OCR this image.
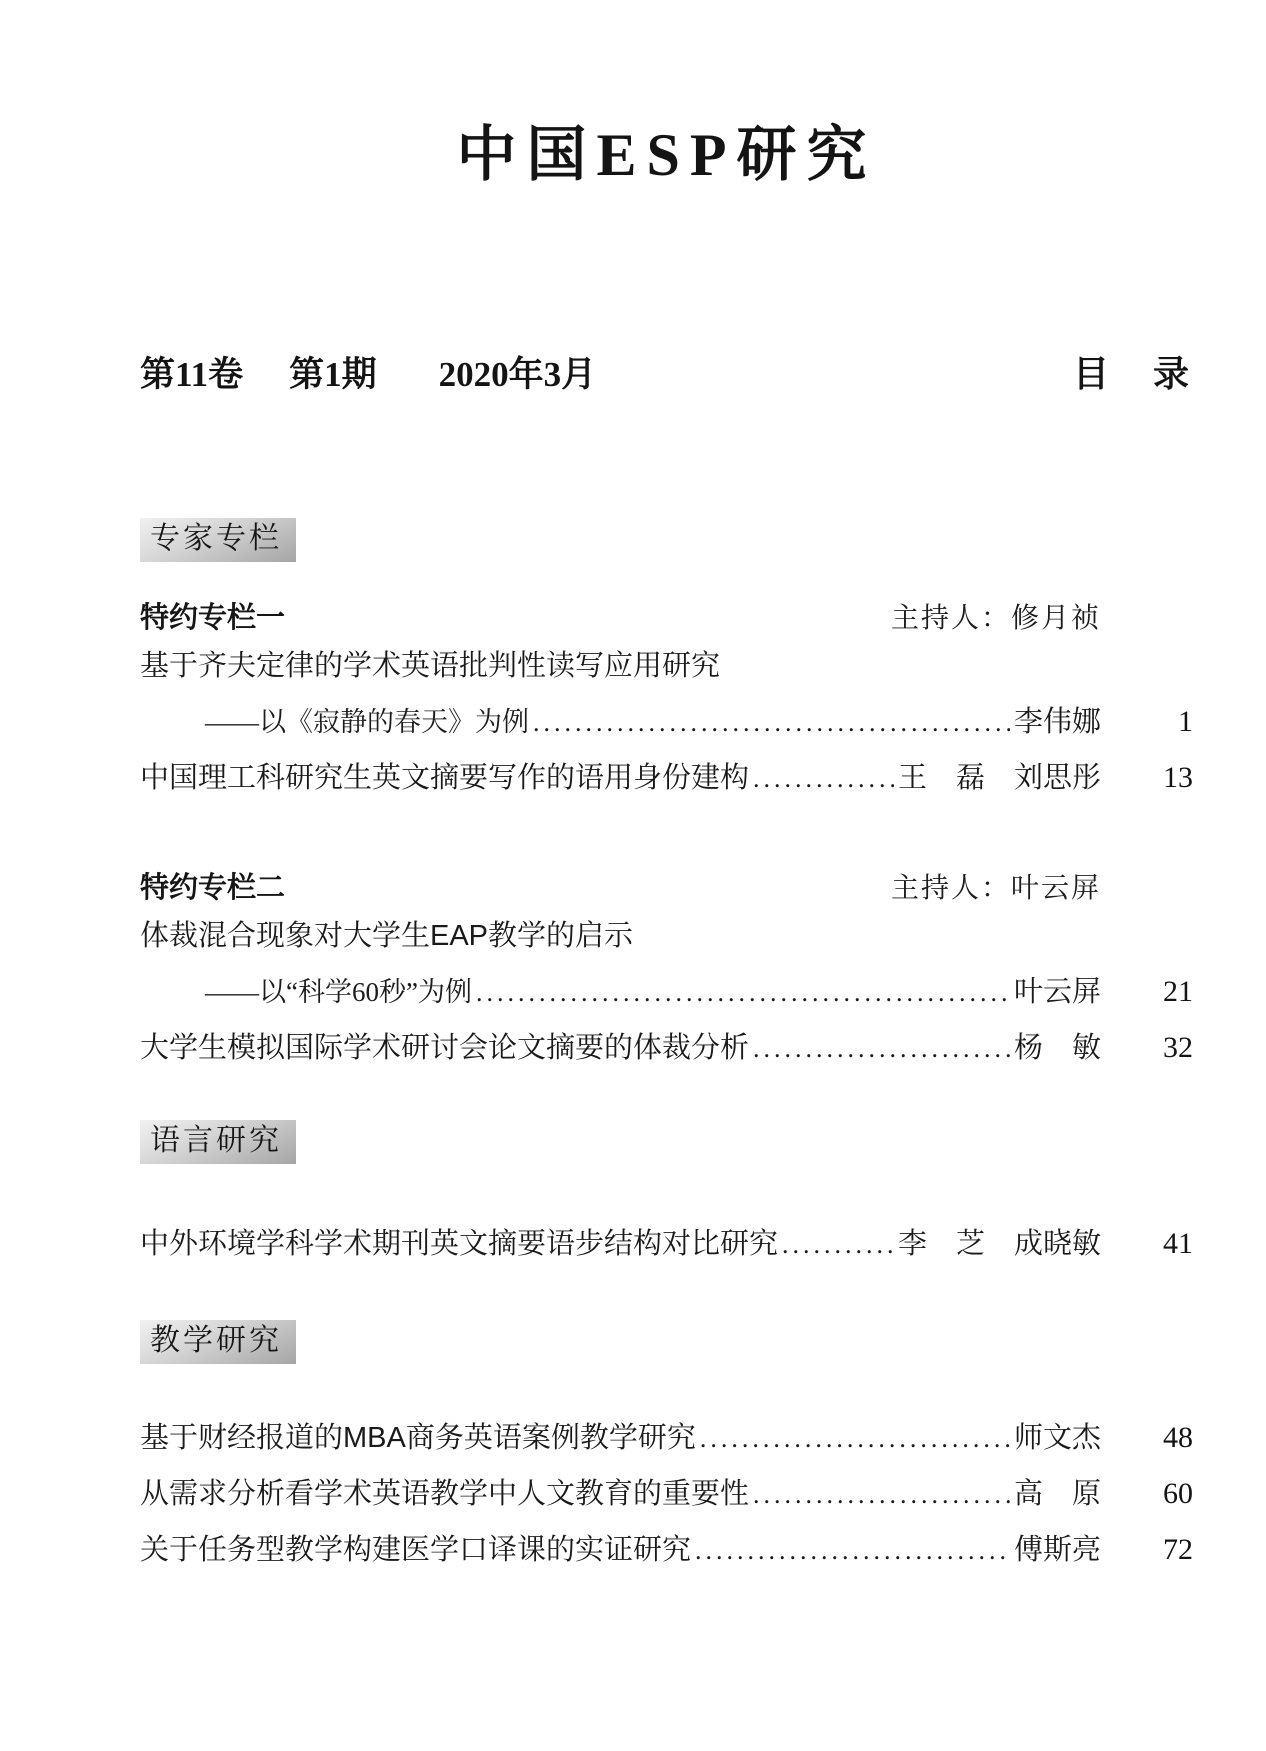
中国ESP研究
第11卷 第1期 2020年3月	目　录
专家专栏
特约专栏一	主持人：修月祯
基于齐夫定律的学术英语批判性读写应用研究
——以《寂静的春天》为例 .....	李伟娜	1
中国理工科研究生英文摘要写作的语用身份建构 .....	王　磊　刘思彤	13
特约专栏二	主持人：叶云屏
体裁混合现象对大学生EAP教学的启示
——以“科学60秒”为例 .....	叶云屏	21
大学生模拟国际学术研讨会论文摘要的体裁分析 .....	杨　敏	32
语言研究
中外环境学科学术期刊英文摘要语步结构对比研究 .....	李　芝　成晓敏	41
教学研究
基于财经报道的MBA商务英语案例教学研究 .....	师文杰	48
从需求分析看学术英语教学中人文教育的重要性 .....	高　原	60
关于任务型教学构建医学口译课的实证研究 .....	傅斯亮	72
